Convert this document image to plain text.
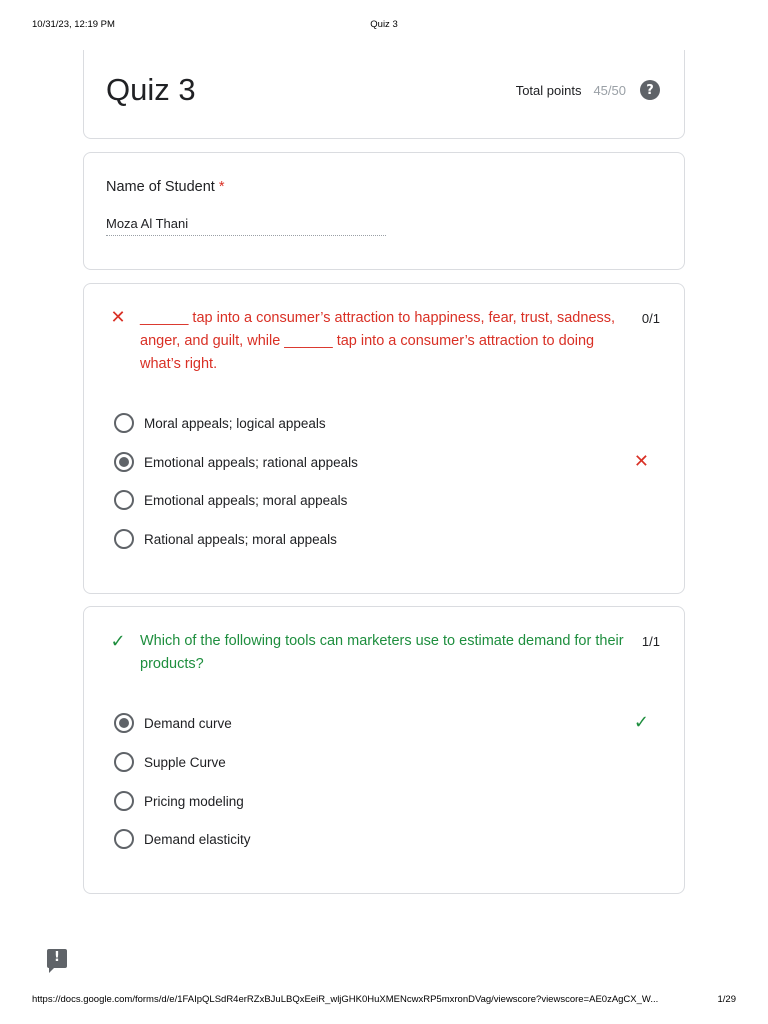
10/31/23, 12:19 PM	Quiz 3
Quiz 3	Total points 45/50	?
Name of Student *
Moza Al Thani
✕ ______ tap into a consumer’s attraction to happiness, fear, trust, sadness, anger, and guilt, while ______ tap into a consumer’s attraction to doing what’s right.
0/1
Moral appeals; logical appeals
Emotional appeals; rational appeals	✕
Emotional appeals; moral appeals
Rational appeals; moral appeals
✓ Which of the following tools can marketers use to estimate demand for their products?
1/1
Demand curve	✓
Supple Curve
Pricing modeling
Demand elasticity
!
https://docs.google.com/forms/d/e/1FAIpQLSdR4erRZxBJuLBQxEeiR_wljGHK0HuXMENcwxRP5mxronDVag/viewscore?viewscore=AE0zAgCX_W...	1/29
